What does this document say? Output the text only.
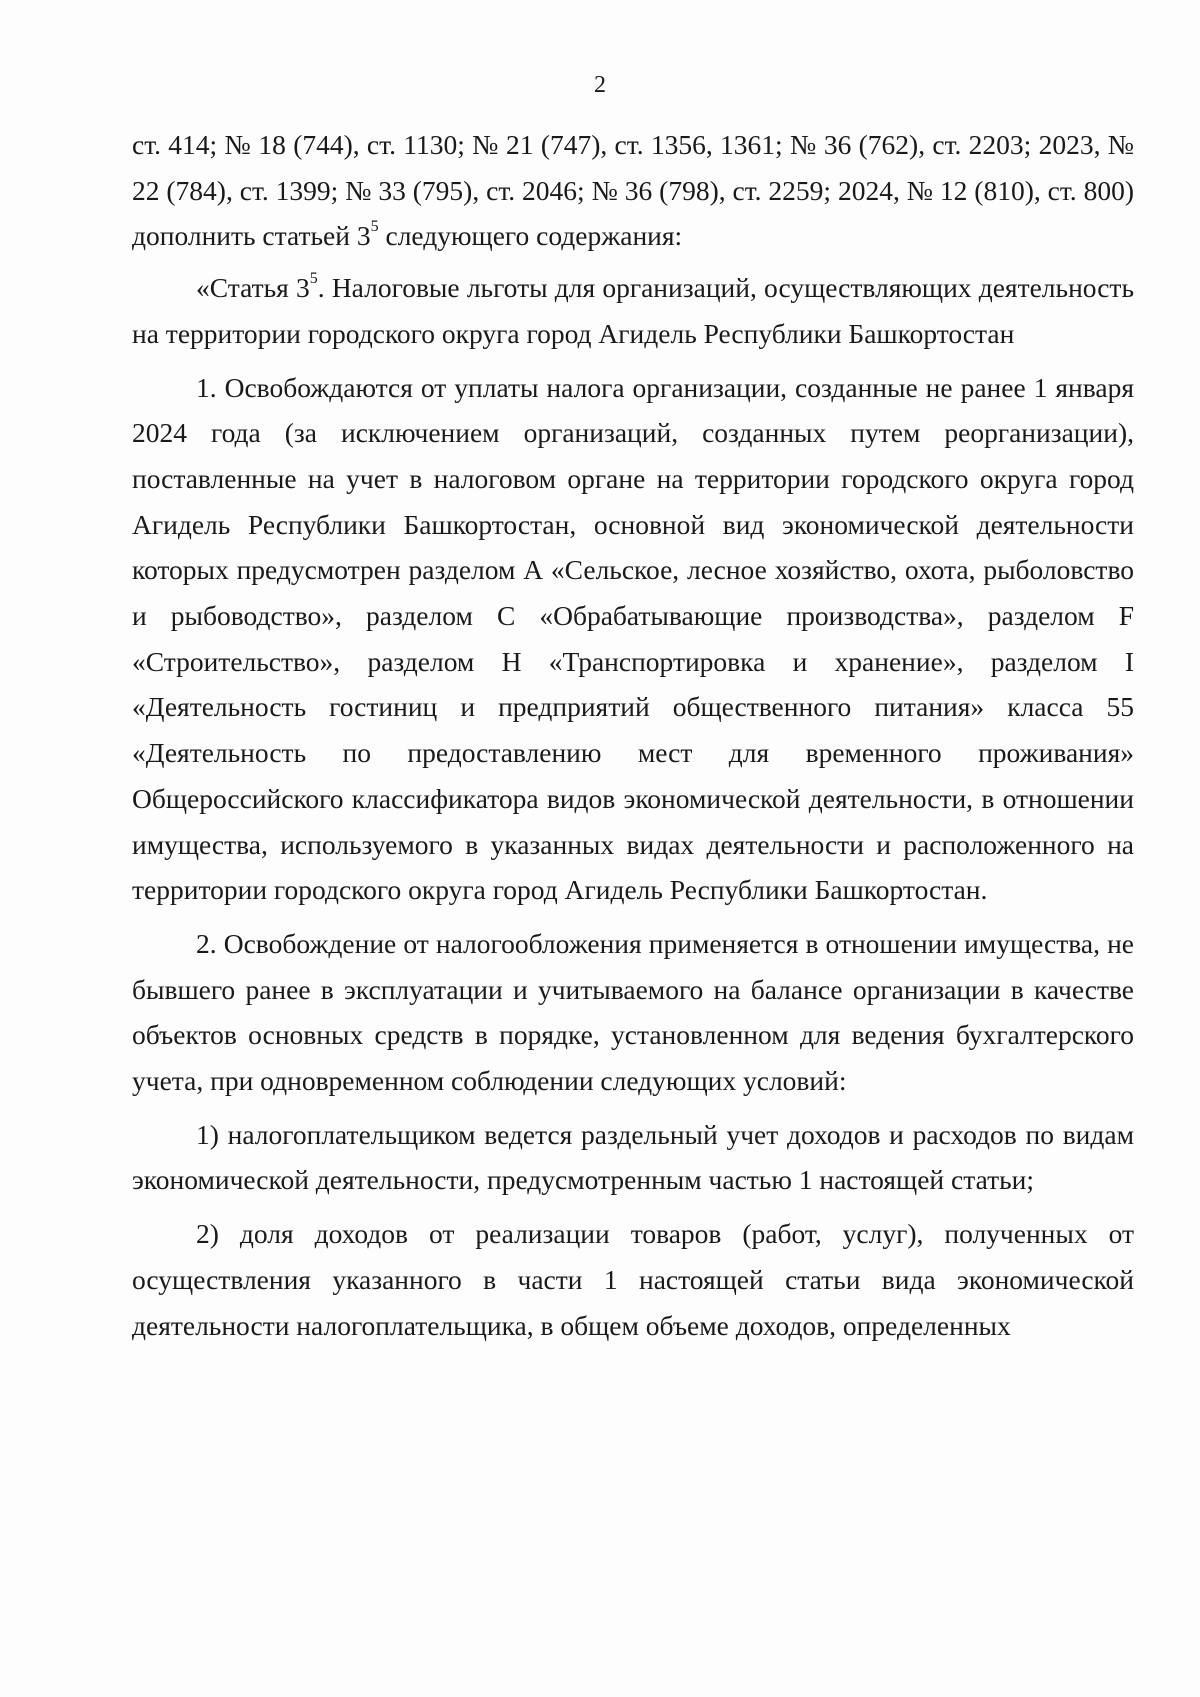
2

ст. 414; № 18 (744), ст. 1130; № 21 (747), ст. 1356, 1361; № 36 (762), ст. 2203; 2023, № 22 (784), ст. 1399; № 33 (795), ст. 2046; № 36 (798), ст. 2259; 2024, № 12 (810), ст. 800) дополнить статьей $3^5$ следующего содержания:

«Статья $3^5$. Налоговые льготы для организаций, осуществляющих деятельность на территории городского округа город Агидель Республики Башкортостан

1. Освобождаются от уплаты налога организации, созданные не ранее 1 января 2024 года (за исключением организаций, созданных путем реорганизации), поставленные на учет в налоговом органе на территории городского округа город Агидель Республики Башкортостан, основной вид экономической деятельности которых предусмотрен разделом А «Сельское, лесное хозяйство, охота, рыболовство и рыбоводство», разделом С «Обрабатывающие производства», разделом F «Строительство», разделом Н «Транспортировка и хранение», разделом I «Деятельность гостиниц и предприятий общественного питания» класса 55 «Деятельность по предоставлению мест для временного проживания» Общероссийского классификатора видов экономической деятельности, в отношении имущества, используемого в указанных видах деятельности и расположенного на территории городского округа город Агидель Республики Башкортостан.

2. Освобождение от налогообложения применяется в отношении имущества, не бывшего ранее в эксплуатации и учитываемого на балансе организации в качестве объектов основных средств в порядке, установленном для ведения бухгалтерского учета, при одновременном соблюдении следующих условий:

1) налогоплательщиком ведется раздельный учет доходов и расходов по видам экономической деятельности, предусмотренным частью 1 настоящей статьи;

2) доля доходов от реализации товаров (работ, услуг), полученных от осуществления указанного в части 1 настоящей статьи вида экономической деятельности налогоплательщика, в общем объеме доходов, определенных
